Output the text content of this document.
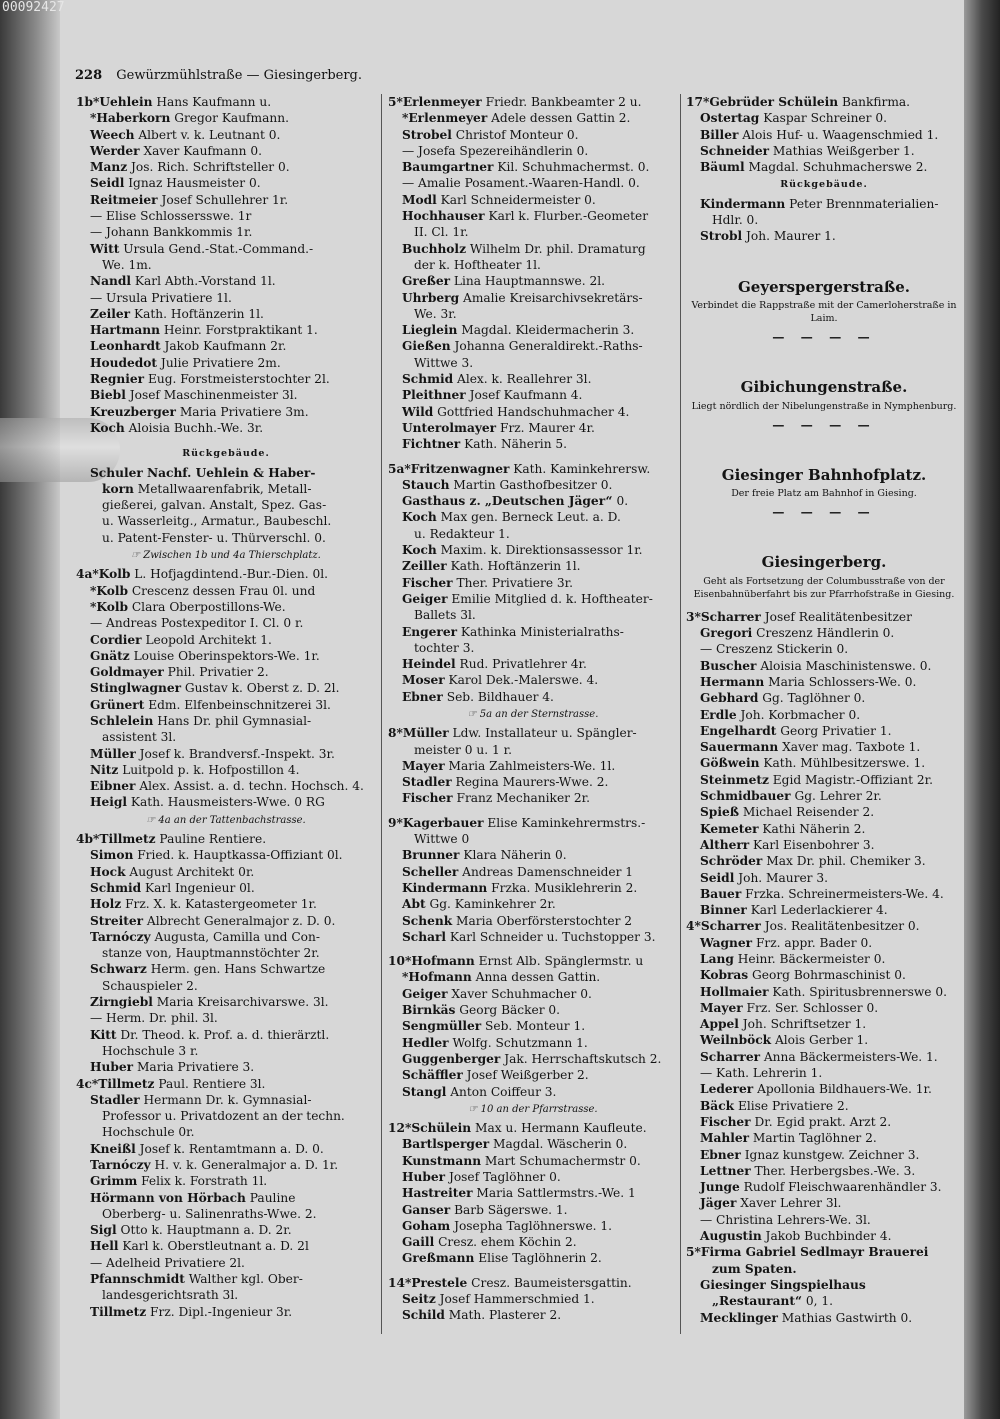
00092427
228 Gewürzmühlstraße — Giesingerberg.
1b*Uehlein Hans Kaufmann u.
*Haberkorn Gregor Kaufmann.
Weech Albert v. k. Leutnant 0.
Werder Xaver Kaufmann 0.
Manz Jos. Rich. Schriftsteller 0.
Seidl Ignaz Hausmeister 0.
Reitmeier Josef Schullehrer 1r.
— Elise Schlossersswe. 1r
— Johann Bankkommis 1r.
Witt Ursula Gend.-Stat.-Command.-
We. 1m.
Nandl Karl Abth.-Vorstand 1l.
— Ursula Privatiere 1l.
Zeiler Kath. Hoftänzerin 1l.
Hartmann Heinr. Forstpraktikant 1.
Leonhardt Jakob Kaufmann 2r.
Houdedot Julie Privatiere 2m.
Regnier Eug. Forstmeisterstochter 2l.
Biebl Josef Maschinenmeister 3l.
Kreuzberger Maria Privatiere 3m.
Koch Aloisia Buchh.-We. 3r.
Rückgebäude.
Schuler Nachf. Uehlein & Haber-
korn Metallwaarenfabrik, Metall-
gießerei, galvan. Anstalt, Spez. Gas-
u. Wasserleitg., Armatur., Baubeschl.
u. Patent-Fenster- u. Thürverschl. 0.
☞ Zwischen 1b und 4a Thierschplatz.
4a*Kolb L. Hofjagdintend.-Bur.-Dien. 0l.
*Kolb Crescenz dessen Frau 0l. und
*Kolb Clara Oberpostillons-We.
— Andreas Postexpeditor I. Cl. 0 r.
Cordier Leopold Architekt 1.
Gnätz Louise Oberinspektors-We. 1r.
Goldmayer Phil. Privatier 2.
Stinglwagner Gustav k. Oberst z. D. 2l.
Grünert Edm. Elfenbeinschnitzerei 3l.
Schlelein Hans Dr. phil Gymnasial-
assistent 3l.
Müller Josef k. Brandversf.-Inspekt. 3r.
Nitz Luitpold p. k. Hofpostillon 4.
Eibner Alex. Assist. a. d. techn. Hochsch. 4.
Heigl Kath. Hausmeisters-Wwe. 0 RG
☞ 4a an der Tattenbachstrasse.
4b*Tillmetz Pauline Rentiere.
Simon Fried. k. Hauptkassa-Offiziant 0l.
Hock August Architekt 0r.
Schmid Karl Ingenieur 0l.
Holz Frz. X. k. Katastergeometer 1r.
Streiter Albrecht Generalmajor z. D. 0.
Tarnóczy Augusta, Camilla und Con-
stanze von, Hauptmannstöchter 2r.
Schwarz Herm. gen. Hans Schwartze
Schauspieler 2.
Zirngiebl Maria Kreisarchivarswe. 3l.
— Herm. Dr. phil. 3l.
Kitt Dr. Theod. k. Prof. a. d. thierärztl.
Hochschule 3 r.
Huber Maria Privatiere 3.
4c*Tillmetz Paul. Rentiere 3l.
Stadler Hermann Dr. k. Gymnasial-
Professor u. Privatdozent an der techn.
Hochschule 0r.
Kneißl Josef k. Rentamtmann a. D. 0.
Tarnóczy H. v. k. Generalmajor a. D. 1r.
Grimm Felix k. Forstrath 1l.
Hörmann von Hörbach Pauline
Oberberg- u. Salinenraths-Wwe. 2.
Sigl Otto k. Hauptmann a. D. 2r.
Hell Karl k. Oberstleutnant a. D. 2l
— Adelheid Privatiere 2l.
Pfannschmidt Walther kgl. Ober-
landesgerichtsrath 3l.
Tillmetz Frz. Dipl.-Ingenieur 3r.
5*Erlenmeyer Friedr. Bankbeamter 2 u.
*Erlenmeyer Adele dessen Gattin 2.
Strobel Christof Monteur 0.
— Josefa Spezereihändlerin 0.
Baumgartner Kil. Schuhmachermst. 0.
— Amalie Posament.-Waaren-Handl. 0.
Modl Karl Schneidermeister 0.
Hochhauser Karl k. Flurber.-Geometer
II. Cl. 1r.
Buchholz Wilhelm Dr. phil. Dramaturg
der k. Hoftheater 1l.
Greßer Lina Hauptmannswe. 2l.
Uhrberg Amalie Kreisarchivsekretärs-
We. 3r.
Lieglein Magdal. Kleidermacherin 3.
Gießen Johanna Generaldirekt.-Raths-
Wittwe 3.
Schmid Alex. k. Reallehrer 3l.
Pleithner Josef Kaufmann 4.
Wild Gottfried Handschuhmacher 4.
Unterolmayer Frz. Maurer 4r.
Fichtner Kath. Näherin 5.
5a*Fritzenwagner Kath. Kaminkehrersw.
Stauch Martin Gasthofbesitzer 0.
Gasthaus z. „Deutschen Jäger“ 0.
Koch Max gen. Berneck Leut. a. D.
u. Redakteur 1.
Koch Maxim. k. Direktionsassessor 1r.
Zeiller Kath. Hoftänzerin 1l.
Fischer Ther. Privatiere 3r.
Geiger Emilie Mitglied d. k. Hoftheater-
Ballets 3l.
Engerer Kathinka Ministerialraths-
tochter 3.
Heindel Rud. Privatlehrer 4r.
Moser Karol Dek.-Malerswe. 4.
Ebner Seb. Bildhauer 4.
☞ 5a an der Sternstrasse.
8*Müller Ldw. Installateur u. Spängler-
meister 0 u. 1 r.
Mayer Maria Zahlmeisters-We. 1l.
Stadler Regina Maurers-Wwe. 2.
Fischer Franz Mechaniker 2r.
9*Kagerbauer Elise Kaminkehrermstrs.-
Wittwe 0
Brunner Klara Näherin 0.
Scheller Andreas Damenschneider 1
Kindermann Frzka. Musiklehrerin 2.
Abt Gg. Kaminkehrer 2r.
Schenk Maria Oberförsterstochter 2
Scharl Karl Schneider u. Tuchstopper 3.
10*Hofmann Ernst Alb. Spänglermstr. u
*Hofmann Anna dessen Gattin.
Geiger Xaver Schuhmacher 0.
Birnkäs Georg Bäcker 0.
Sengmüller Seb. Monteur 1.
Hedler Wolfg. Schutzmann 1.
Guggenberger Jak. Herrschaftskutsch 2.
Schäffler Josef Weißgerber 2.
Stangl Anton Coiffeur 3.
☞ 10 an der Pfarrstrasse.
12*Schülein Max u. Hermann Kaufleute.
Bartlsperger Magdal. Wäscherin 0.
Kunstmann Mart Schumachermstr 0.
Huber Josef Taglöhner 0.
Hastreiter Maria Sattlermstrs.-We. 1
Ganser Barb Sägerswe. 1.
Goham Josepha Taglöhnerswe. 1.
Gaill Cresz. ehem Köchin 2.
Greßmann Elise Taglöhnerin 2.
14*Prestele Cresz. Baumeistersgattin.
Seitz Josef Hammerschmied 1.
Schild Math. Plasterer 2.
17*Gebrüder Schülein Bankfirma.
Ostertag Kaspar Schreiner 0.
Biller Alois Huf- u. Waagenschmied 1.
Schneider Mathias Weißgerber 1.
Bäuml Magdal. Schuhmacherswe 2.
Rückgebäude.
Kindermann Peter Brennmaterialien-
Hdlr. 0.
Strobl Joh. Maurer 1.
Geyerspergerstraße.
Verbindet die Rappstraße mit der Camerloherstraße in Laim.
— — — —
Gibichungenstraße.
Liegt nördlich der Nibelungenstraße in Nymphenburg.
— — — —
Giesinger Bahnhofplatz.
Der freie Platz am Bahnhof in Giesing.
— — — —
Giesingerberg.
Geht als Fortsetzung der Columbusstraße von der Eisenbahnüberfahrt bis zur Pfarrhofstraße in Giesing.
3*Scharrer Josef Realitätenbesitzer
Gregori Creszenz Händlerin 0.
— Creszenz Stickerin 0.
Buscher Aloisia Maschinistenswe. 0.
Hermann Maria Schlossers-We. 0.
Gebhard Gg. Taglöhner 0.
Erdle Joh. Korbmacher 0.
Engelhardt Georg Privatier 1.
Sauermann Xaver mag. Taxbote 1.
Gößwein Kath. Mühlbesitzerswe. 1.
Steinmetz Egid Magistr.-Offiziant 2r.
Schmidbauer Gg. Lehrer 2r.
Spieß Michael Reisender 2.
Kemeter Kathi Näherin 2.
Altherr Karl Eisenbohrer 3.
Schröder Max Dr. phil. Chemiker 3.
Seidl Joh. Maurer 3.
Bauer Frzka. Schreinermeisters-We. 4.
Binner Karl Lederlackierer 4.
4*Scharrer Jos. Realitätenbesitzer 0.
Wagner Frz. appr. Bader 0.
Lang Heinr. Bäckermeister 0.
Kobras Georg Bohrmaschinist 0.
Hollmaier Kath. Spiritusbrennerswe 0.
Mayer Frz. Ser. Schlosser 0.
Appel Joh. Schriftsetzer 1.
Weilnböck Alois Gerber 1.
Scharrer Anna Bäckermeisters-We. 1.
— Kath. Lehrerin 1.
Lederer Apollonia Bildhauers-We. 1r.
Bäck Elise Privatiere 2.
Fischer Dr. Egid prakt. Arzt 2.
Mahler Martin Taglöhner 2.
Ebner Ignaz kunstgew. Zeichner 3.
Lettner Ther. Herbergsbes.-We. 3.
Junge Rudolf Fleischwaarenhändler 3.
Jäger Xaver Lehrer 3l.
— Christina Lehrers-We. 3l.
Augustin Jakob Buchbinder 4.
5*Firma Gabriel Sedlmayr Brauerei
zum Spaten.
Giesinger Singspielhaus
„Restaurant“ 0, 1.
Mecklinger Mathias Gastwirth 0.
